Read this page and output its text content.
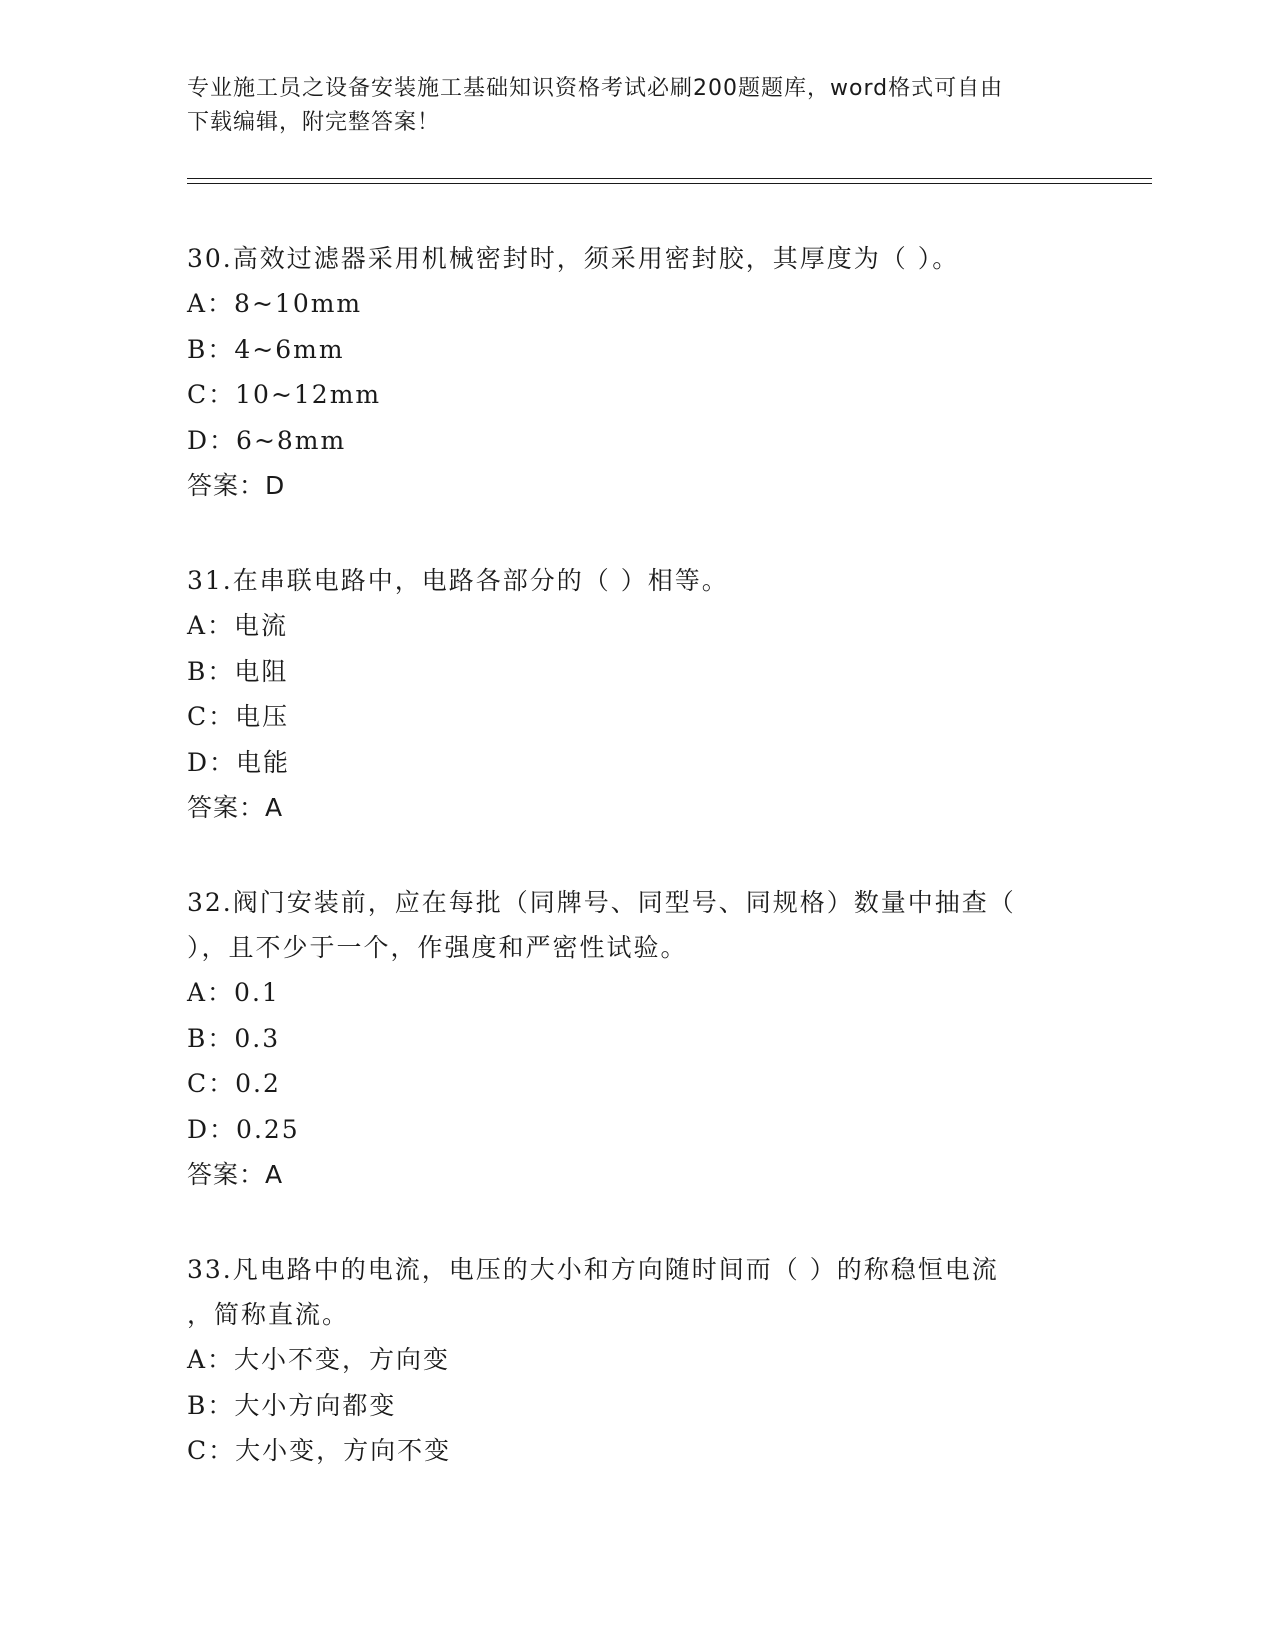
专业施工员之设备安装施工基础知识资格考试必刷200题题库，word格式可自由
下载编辑，附完整答案！
30.高效过滤器采用机械密封时，须采用密封胶，其厚度为（ ）。
A：8~10mm
B：4~6mm
C：10~12mm
D：6~8mm
答案：D
31.在串联电路中，电路各部分的（ ）相等。
A：电流
B：电阻
C：电压
D：电能
答案：A
32.阀门安装前，应在每批（同牌号、同型号、同规格）数量中抽查（
），且不少于一个，作强度和严密性试验。
A：0.1
B：0.3
C：0.2
D：0.25
答案：A
33.凡电路中的电流，电压的大小和方向随时间而（ ）的称稳恒电流
，简称直流。
A：大小不变，方向变
B：大小方向都变
C：大小变，方向不变
